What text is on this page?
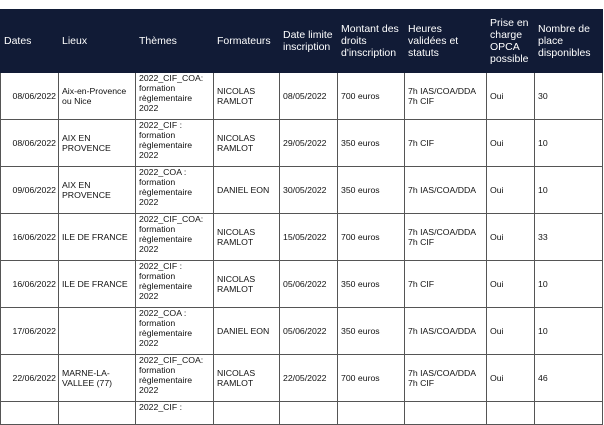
Dates	Lieux	Thèmes	Formateurs	Date limite inscription	Montant des droits d'inscription	Heures validées et statuts	Prise en charge OPCA possible	Nombre de place disponibles
08/06/2022	Aix-en-Provence ou Nice	2022_CIF_COA: formation règlementaire 2022	NICOLAS RAMLOT	08/05/2022	700 euros	7h IAS/COA/DDA 7h CIF	Oui	30
08/06/2022	AIX EN PROVENCE	2022_CIF : formation règlementaire 2022	NICOLAS RAMLOT	29/05/2022	350 euros	7h CIF	Oui	10
09/06/2022	AIX EN PROVENCE	2022_COA : formation règlementaire 2022	DANIEL EON	30/05/2022	350 euros	7h IAS/COA/DDA	Oui	10
16/06/2022	ILE DE FRANCE	2022_CIF_COA: formation règlementaire 2022	NICOLAS RAMLOT	15/05/2022	700 euros	7h IAS/COA/DDA 7h CIF	Oui	33
16/06/2022	ILE DE FRANCE	2022_CIF : formation règlementaire 2022	NICOLAS RAMLOT	05/06/2022	350 euros	7h CIF	Oui	10
17/06/2022		2022_COA : formation règlementaire 2022	DANIEL EON	05/06/2022	350 euros	7h IAS/COA/DDA	Oui	10
22/06/2022	MARNE-LA-VALLEE (77)	2022_CIF_COA: formation règlementaire 2022	NICOLAS RAMLOT	22/05/2022	700 euros	7h IAS/COA/DDA 7h CIF	Oui	46
		2022_CIF :						
